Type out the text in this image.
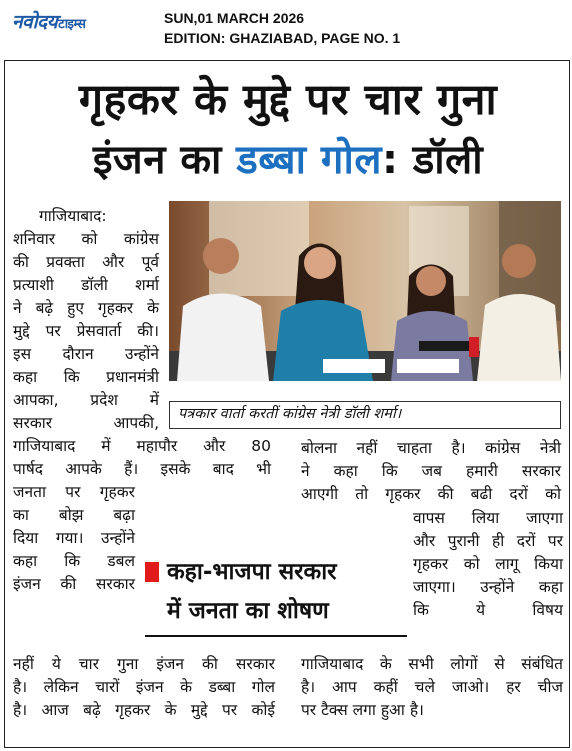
नवोदयटाइम्स	SUN,01 MARCH 2026
EDITION: GHAZIABAD, PAGE NO. 1
गृहकर के मुद्दे पर चार गुना
इंजन का डब्बा गोल: डॉली
गाजियाबाद:
शनिवार को कांग्रेस
की प्रवक्ता और पूर्व
प्रत्याशी डॉली शर्मा
ने बढ़े हुए गृहकर के
मुद्दे पर प्रेसवार्ता की।
इस दौरान उन्होंने
कहा कि प्रधानमंत्री
आपका, प्रदेश में
सरकार आपकी,
गाजियाबाद में महापौर और 80
पार्षद आपके हैं। इसके बाद भी
जनता पर गृहकर
का बोझ बढ़ा
दिया गया। उन्होंने
कहा कि डबल
इंजन की सरकार
नहीं ये चार गुना इंजन की सरकार
है। लेकिन चारों इंजन के डब्बा गोल
है। आज बढ़े गृहकर के मुद्दे पर कोई
पत्रकार वार्ता करतीं कांग्रेस नेत्री डॉली शर्मा।
बोलना नहीं चाहता है। कांग्रेस नेत्री
ने कहा कि जब हमारी सरकार
आएगी तो गृहकर की बढी दरों को
वापस लिया जाएगा
और पुरानी ही दरों पर
गृहकर को लागू किया
जाएगा। उन्होंने कहा
कि ये विषय
गाजियाबाद के सभी लोगों से संबंधित
है। आप कहीं चले जाओ। हर चीज
पर टैक्स लगा हुआ है।
कहा-भाजपा सरकार
में जनता का शोषण
